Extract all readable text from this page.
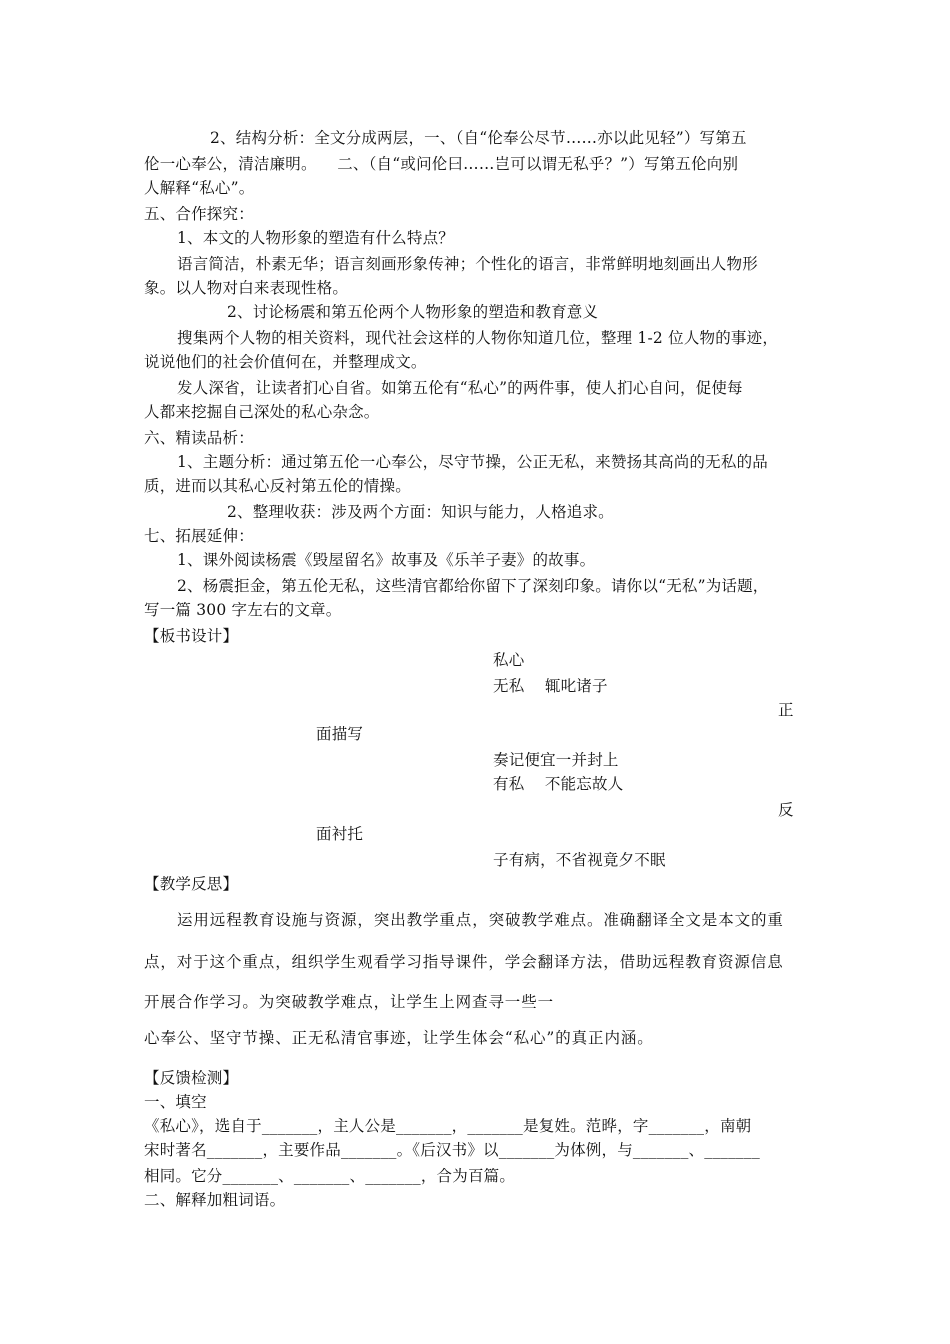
2、结构分析：全文分成两层，一、（自“伦奉公尽节……亦以此见轻”）写第五
伦一心奉公，清洁廉明。    二、（自“或问伦曰……岂可以谓无私乎？”）写第五伦向别
人解释“私心”。
五、合作探究：
1、本文的人物形象的塑造有什么特点？
语言简洁，朴素无华；语言刻画形象传神；个性化的语言，非常鲜明地刻画出人物形
象。以人物对白来表现性格。
2、讨论杨震和第五伦两个人物形象的塑造和教育意义
搜集两个人物的相关资料，现代社会这样的人物你知道几位，整理 1-2 位人物的事迹，
说说他们的社会价值何在，并整理成文。
发人深省，让读者扪心自省。如第五伦有“私心”的两件事，使人扪心自问，促使每
人都来挖掘自己深处的私心杂念。
六、精读品析：
1、主题分析：通过第五伦一心奉公，尽守节操，公正无私，来赞扬其高尚的无私的品
质，进而以其私心反衬第五伦的情操。
2、整理收获：涉及两个方面：知识与能力，人格追求。
七、拓展延伸：
1、课外阅读杨震《毁屋留名》故事及《乐羊子妻》的故事。
2、杨震拒金，第五伦无私，这些清官都给你留下了深刻印象。请你以“无私”为话题，
写一篇 300 字左右的文章。
【板书设计】
私心
无私    辄叱诸子
正
面描写
奏记便宜一并封上
有私    不能忘故人
反
面衬托
子有病，不省视竟夕不眠
【教学反思】
运用远程教育设施与资源，突出教学重点，突破教学难点。准确翻译全文是本文的重
点，对于这个重点，组织学生观看学习指导课件，学会翻译方法，借助远程教育资源信息
开展合作学习。为突破教学难点，让学生上网查寻一些一
心奉公、坚守节操、正无私清官事迹，让学生体会“私心”的真正内涵。
【反馈检测】
一、填空
《私心》，选自于_______，主人公是_______，_______是复姓。范晔，字_______，南朝
宋时著名_______，主要作品_______。《后汉书》以_______为体例，与_______、_______
相同。它分_______、_______、_______，合为百篇。
二、解释加粗词语。
